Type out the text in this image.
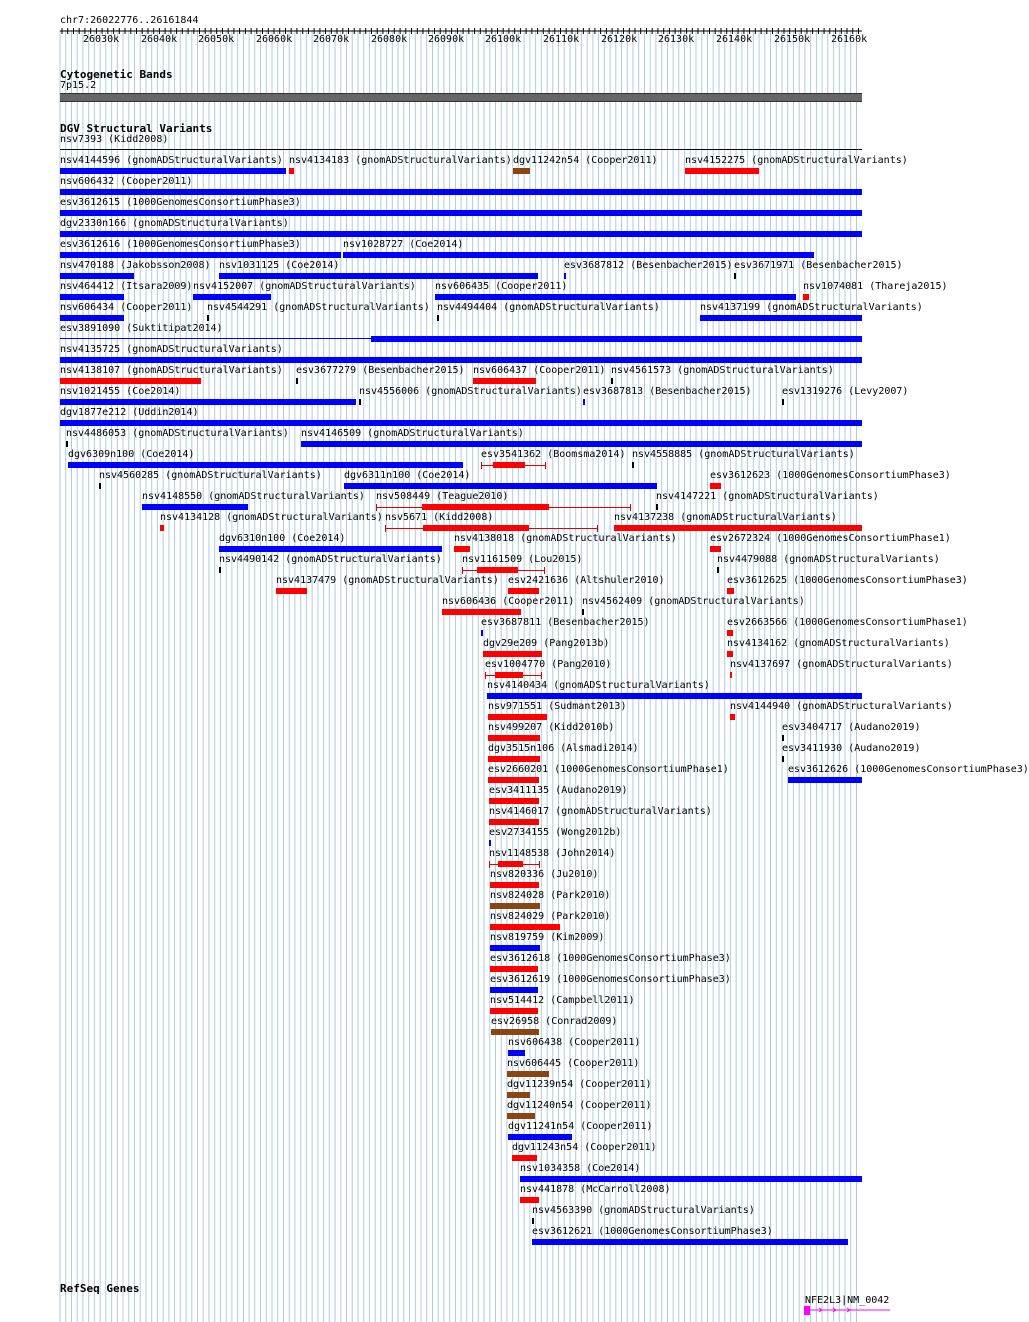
chr7:26022776..26161844
26030k 26040k 26050k 26060k 26070k 26080k 26090k 26100k 26110k 26120k 26130k 26140k 26150k 26160k
Cytogenetic Bands
7p15.2
DGV Structural Variants
nsv7393 (Kidd2008)
nsv4144596 (gnomADStructuralVariants) nsv4134183 (gnomADStructuralVariants) dgv11242n54 (Cooper2011)	nsv4152275 (gnomADStructuralVariants)
nsv606432 (Cooper2011)
esv3612615 (1000GenomesConsortiumPhase3)
dgv2330n166 (gnomADStructuralVariants)
esv3612616 (1000GenomesConsortiumPhase3)	nsv1028727 (Coe2014)
nsv470188 (Jakobsson2008) nsv1031125 (Coe2014)	esv3687812 (Besenbacher2015) esv3671971 (Besenbacher2015)
nsv464412 (Itsara2009) nsv4152007 (gnomADStructuralVariants) nsv606435 (Cooper2011)	nsv1074081 (Thareja2015)
nsv606434 (Cooper2011) nsv4544291 (gnomADStructuralVariants) nsv4494404 (gnomADStructuralVariants)	nsv4137199 (gnomADStructuralVariants)
esv3891090 (Suktitipat2014)
nsv4135725 (gnomADStructuralVariants)
nsv4138107 (gnomADStructuralVariants) esv3677279 (Besenbacher2015) nsv606437 (Cooper2011) nsv4561573 (gnomADStructuralVariants)
nsv1021455 (Coe2014)	nsv4556006 (gnomADStructuralVariants) esv3687813 (Besenbacher2015)	esv1319276 (Levy2007)
dgv1877e212 (Uddin2014)
nsv4486053 (gnomADStructuralVariants) nsv4146509 (gnomADStructuralVariants)
dgv6309n100 (Coe2014)	esv3541362 (Boomsma2014) nsv4558885 (gnomADStructuralVariants)
nsv4560285 (gnomADStructuralVariants) dgv6311n100 (Coe2014)	esv3612623 (1000GenomesConsortiumPhase3)
nsv4148550 (gnomADStructuralVariants) nsv508449 (Teague2010)	nsv4147221 (gnomADStructuralVariants)
nsv4134128 (gnomADStructuralVariants) nsv5671 (Kidd2008)	nsv4137238 (gnomADStructuralVariants)
dgv6310n100 (Coe2014)	nsv4138018 (gnomADStructuralVariants)	esv2672324 (1000GenomesConsortiumPhase1)
nsv4490142 (gnomADStructuralVariants) nsv1161509 (Lou2015)	nsv4479088 (gnomADStructuralVariants)
nsv4137479 (gnomADStructuralVariants) esv2421636 (Altshuler2010)	esv3612625 (1000GenomesConsortiumPhase3)
nsv606436 (Cooper2011) nsv4562409 (gnomADStructuralVariants)
esv3687811 (Besenbacher2015)	esv2663566 (1000GenomesConsortiumPhase1)
dgv29e209 (Pang2013b)	nsv4134162 (gnomADStructuralVariants)
esv1004770 (Pang2010)	nsv4137697 (gnomADStructuralVariants)
nsv4140434 (gnomADStructuralVariants)
nsv971551 (Sudmant2013)	nsv4144940 (gnomADStructuralVariants)
nsv499207 (Kidd2010b)	esv3404717 (Audano2019)
dgv3515n106 (Alsmadi2014)	esv3411930 (Audano2019)
esv2660201 (1000GenomesConsortiumPhase1)	esv3612626 (1000GenomesConsortiumPhase3)
esv3411135 (Audano2019)
nsv4146017 (gnomADStructuralVariants)
esv2734155 (Wong2012b)
nsv1148538 (John2014)
nsv820336 (Ju2010)
nsv824028 (Park2010)
nsv824029 (Park2010)
nsv819759 (Kim2009)
esv3612618 (1000GenomesConsortiumPhase3)
esv3612619 (1000GenomesConsortiumPhase3)
nsv514412 (Campbell2011)
esv26958 (Conrad2009)
nsv606438 (Cooper2011)
nsv606445 (Cooper2011)
dgv11239n54 (Cooper2011)
dgv11240n54 (Cooper2011)
dgv11241n54 (Cooper2011)
dgv11243n54 (Cooper2011)
nsv1034358 (Coe2014)
nsv441878 (McCarroll2008)
nsv4563390 (gnomADStructuralVariants)
esv3612621 (1000GenomesConsortiumPhase3)
RefSeq Genes
NFE2L3|NM_0042
